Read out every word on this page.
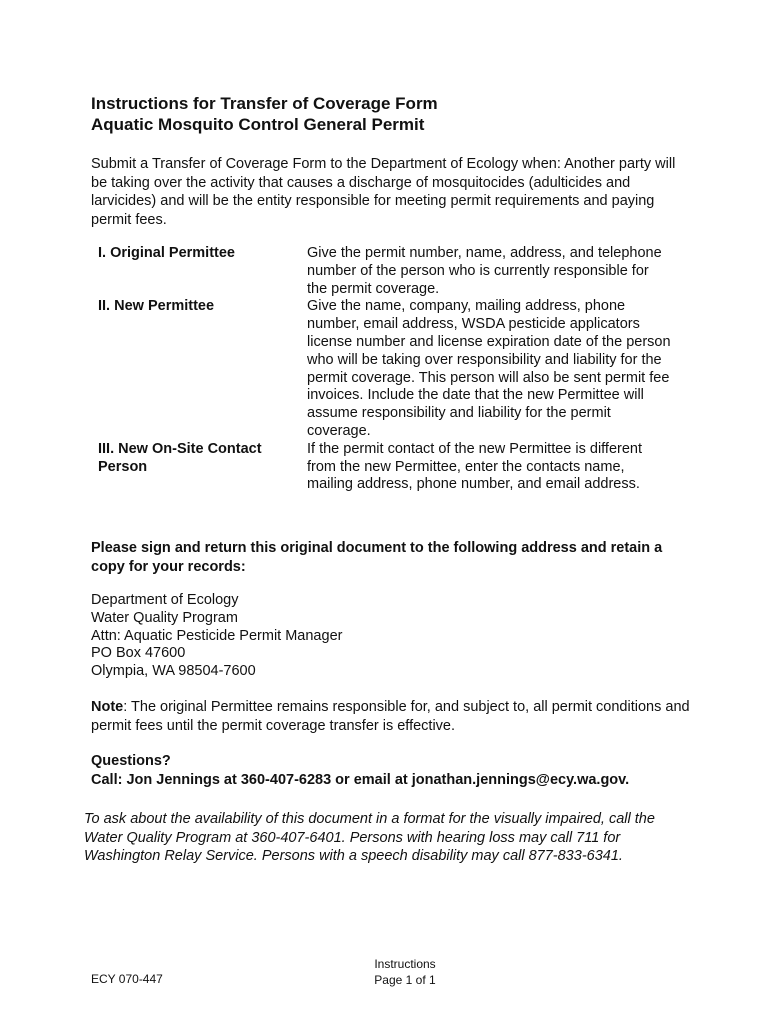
Instructions for Transfer of Coverage Form
Aquatic Mosquito Control General Permit

Submit a Transfer of Coverage Form to the Department of Ecology when: Another party will be taking over the activity that causes a discharge of mosquitocides (adulticides and larvicides) and will be the entity responsible for meeting permit requirements and paying permit fees.

I. Original Permittee	Give the permit number, name, address, and telephone number of the person who is currently responsible for the permit coverage.
II. New Permittee	Give the name, company, mailing address, phone number, email address, WSDA pesticide applicators license number and license expiration date of the person who will be taking over responsibility and liability for the permit coverage. This person will also be sent permit fee invoices. Include the date that the new Permittee will assume responsibility and liability for the permit coverage.
III. New On-Site Contact Person
If the permit contact of the new Permittee is different from the new Permittee, enter the contacts name, mailing address, phone number, and email address.

Please sign and return this original document to the following address and retain a copy for your records:

Department of Ecology
Water Quality Program
Attn: Aquatic Pesticide Permit Manager
PO Box 47600
Olympia, WA 98504-7600

Note: The original Permittee remains responsible for, and subject to, all permit conditions and permit fees until the permit coverage transfer is effective.

Questions?
Call: Jon Jennings at 360-407-6283 or email at jonathan.jennings@ecy.wa.gov.

To ask about the availability of this document in a format for the visually impaired, call the Water Quality Program at 360-407-6401. Persons with hearing loss may call 711 for Washington Relay Service. Persons with a speech disability may call 877-833-6341.

ECY 070-447
Instructions
Page 1 of 1
